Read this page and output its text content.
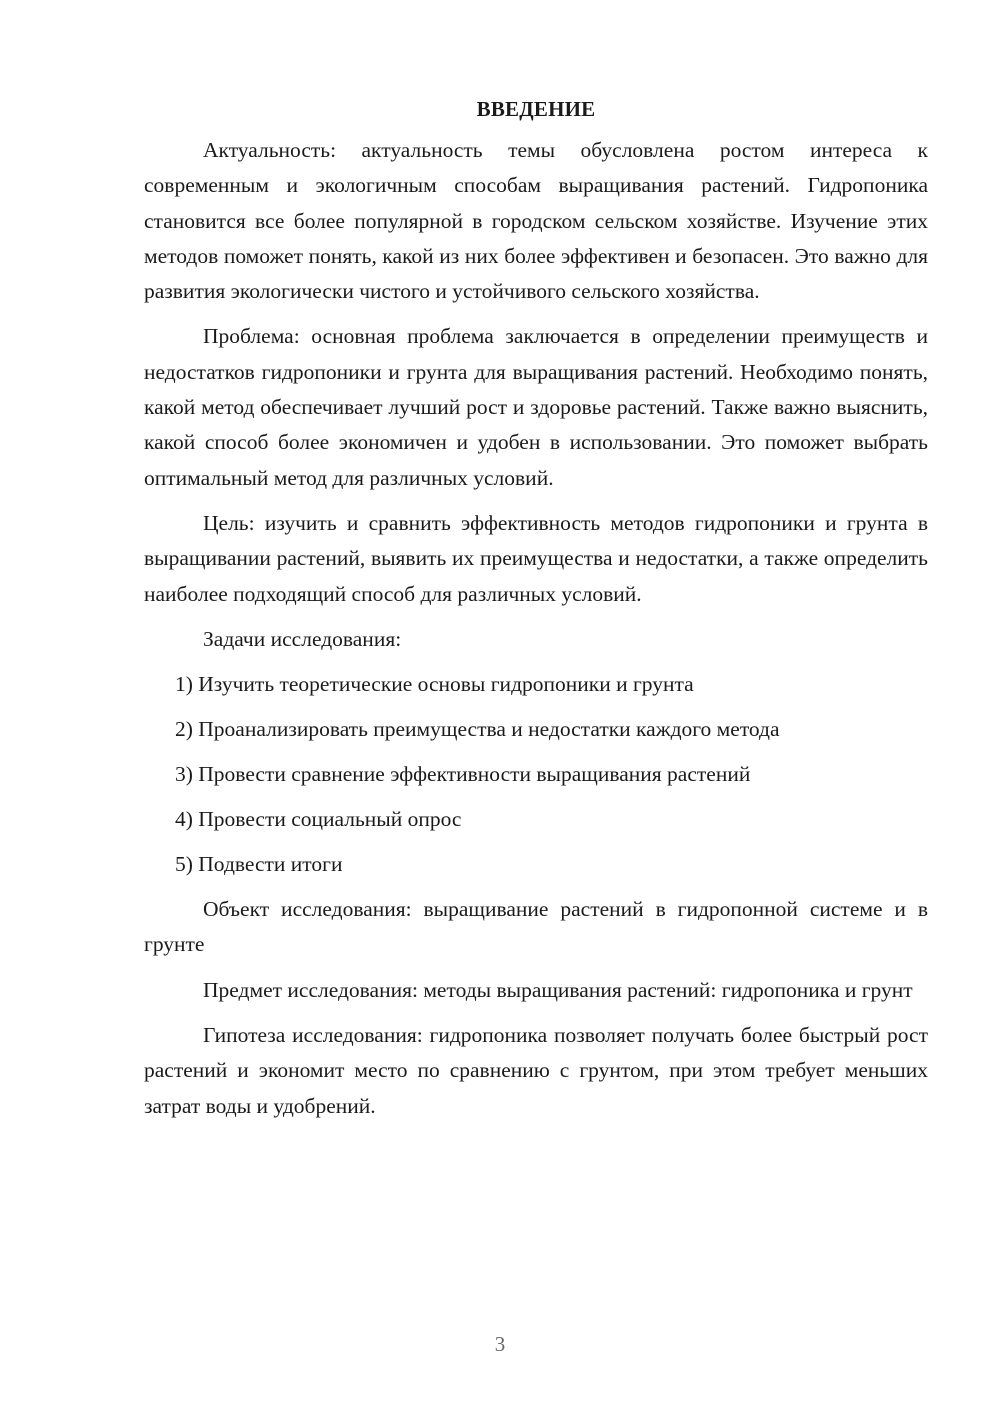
ВВЕДЕНИЕ

Актуальность: актуальность темы обусловлена ростом интереса к современным и экологичным способам выращивания растений. Гидропоника становится все более популярной в городском сельском хозяйстве. Изучение этих методов поможет понять, какой из них более эффективен и безопасен. Это важно для развития экологически чистого и устойчивого сельского хозяйства.

Проблема: основная проблема заключается в определении преимуществ и недостатков гидропоники и грунта для выращивания растений. Необходимо понять, какой метод обеспечивает лучший рост и здоровье растений. Также важно выяснить, какой способ более экономичен и удобен в использовании. Это поможет выбрать оптимальный метод для различных условий.

Цель: изучить и сравнить эффективность методов гидропоники и грунта в выращивании растений, выявить их преимущества и недостатки, а также определить наиболее подходящий способ для различных условий.

Задачи исследования:

1) Изучить теоретические основы гидропоники и грунта
2) Проанализировать преимущества и недостатки каждого метода
3) Провести сравнение эффективности выращивания растений
4) Провести социальный опрос
5) Подвести итоги

Объект исследования: выращивание растений в гидропонной системе и в грунте

Предмет исследования: методы выращивания растений: гидропоника и грунт

Гипотеза исследования: гидропоника позволяет получать более быстрый рост растений и экономит место по сравнению с грунтом, при этом требует меньших затрат воды и удобрений.

3
